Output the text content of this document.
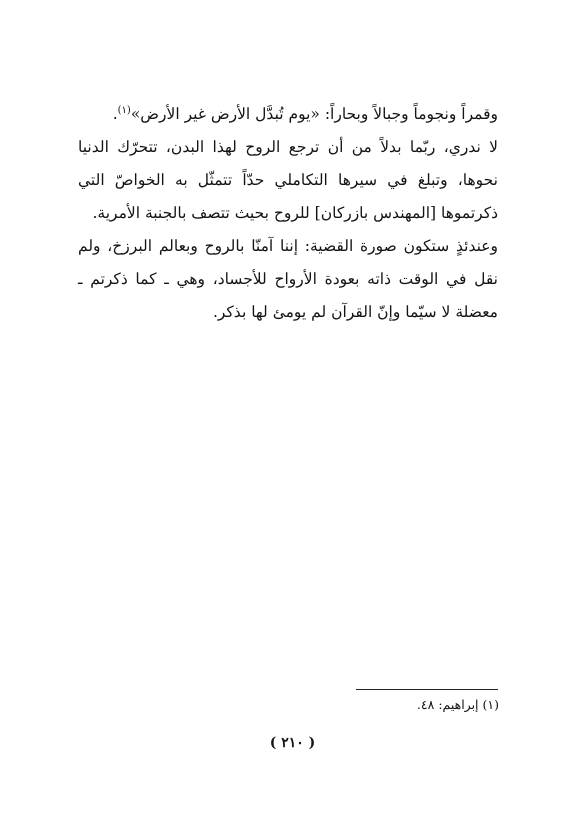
وقمراً ونجوماً وجبالاً وبحاراً: «يوم تُبدَّل الأرض غير الأرض»$^{(١)}$.

لا ندري، ربّما بدلاً من أن ترجع الروح لهذا البدن، تتحرّك الدنيا نحوها، وتبلغ في سيرها التكاملي حدّاً تتمثّل به الخواصّ التي ذكرتموها [المهندس بازركان] للروح بحيث تتصف بالجنبة الأمرية.

وعندئذٍ ستكون صورة القضية: إننا آمنّا بالروح وبعالم البرزخ، ولم نقل في الوقت ذاته بعودة الأرواح للأجساد، وهي ـ كما ذكرتم ـ معضلة لا سيّما وإنّ القرآن لم يومئ لها بذكر.

(١) إبراهيم: ٤٨.
( ٢١٠ )
